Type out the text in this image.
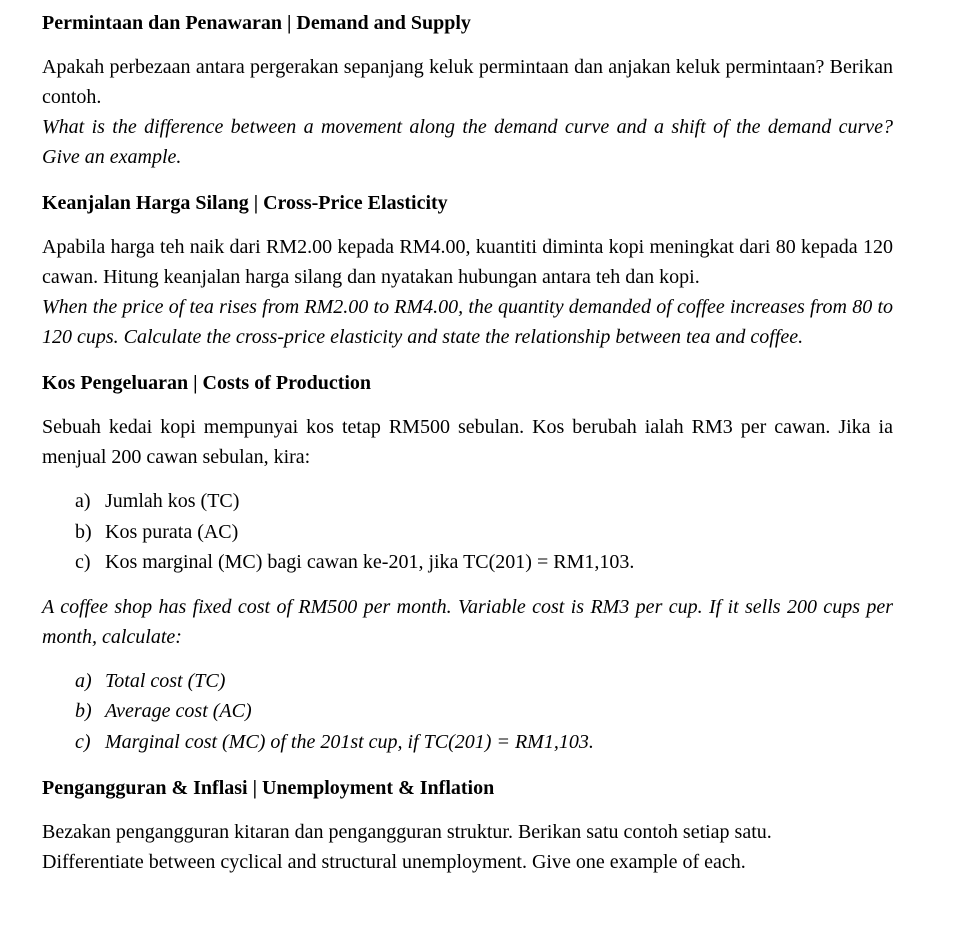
Permintaan dan Penawaran | Demand and Supply

Apakah perbezaan antara pergerakan sepanjang keluk permintaan dan anjakan keluk permintaan? Berikan contoh.

What is the difference between a movement along the demand curve and a shift of the demand curve? Give an example.

Keanjalan Harga Silang | Cross-Price Elasticity

Apabila harga teh naik dari RM2.00 kepada RM4.00, kuantiti diminta kopi meningkat dari 80 kepada 120 cawan. Hitung keanjalan harga silang dan nyatakan hubungan antara teh dan kopi.

When the price of tea rises from RM2.00 to RM4.00, the quantity demanded of coffee increases from 80 to 120 cups. Calculate the cross-price elasticity and state the relationship between tea and coffee.

Kos Pengeluaran | Costs of Production

Sebuah kedai kopi mempunyai kos tetap RM500 sebulan. Kos berubah ialah RM3 per cawan. Jika ia menjual 200 cawan sebulan, kira:

a) Jumlah kos (TC)
b) Kos purata (AC)
c) Kos marginal (MC) bagi cawan ke-201, jika TC(201) = RM1,103.

A coffee shop has fixed cost of RM500 per month. Variable cost is RM3 per cup. If it sells 200 cups per month, calculate:

a) Total cost (TC)
b) Average cost (AC)
c) Marginal cost (MC) of the 201st cup, if TC(201) = RM1,103.
Pengangguran & Inflasi | Unemployment & Inflation

Bezakan pengangguran kitaran dan pengangguran struktur. Berikan satu contoh setiap satu.

Differentiate between cyclical and structural unemployment. Give one example of each.
